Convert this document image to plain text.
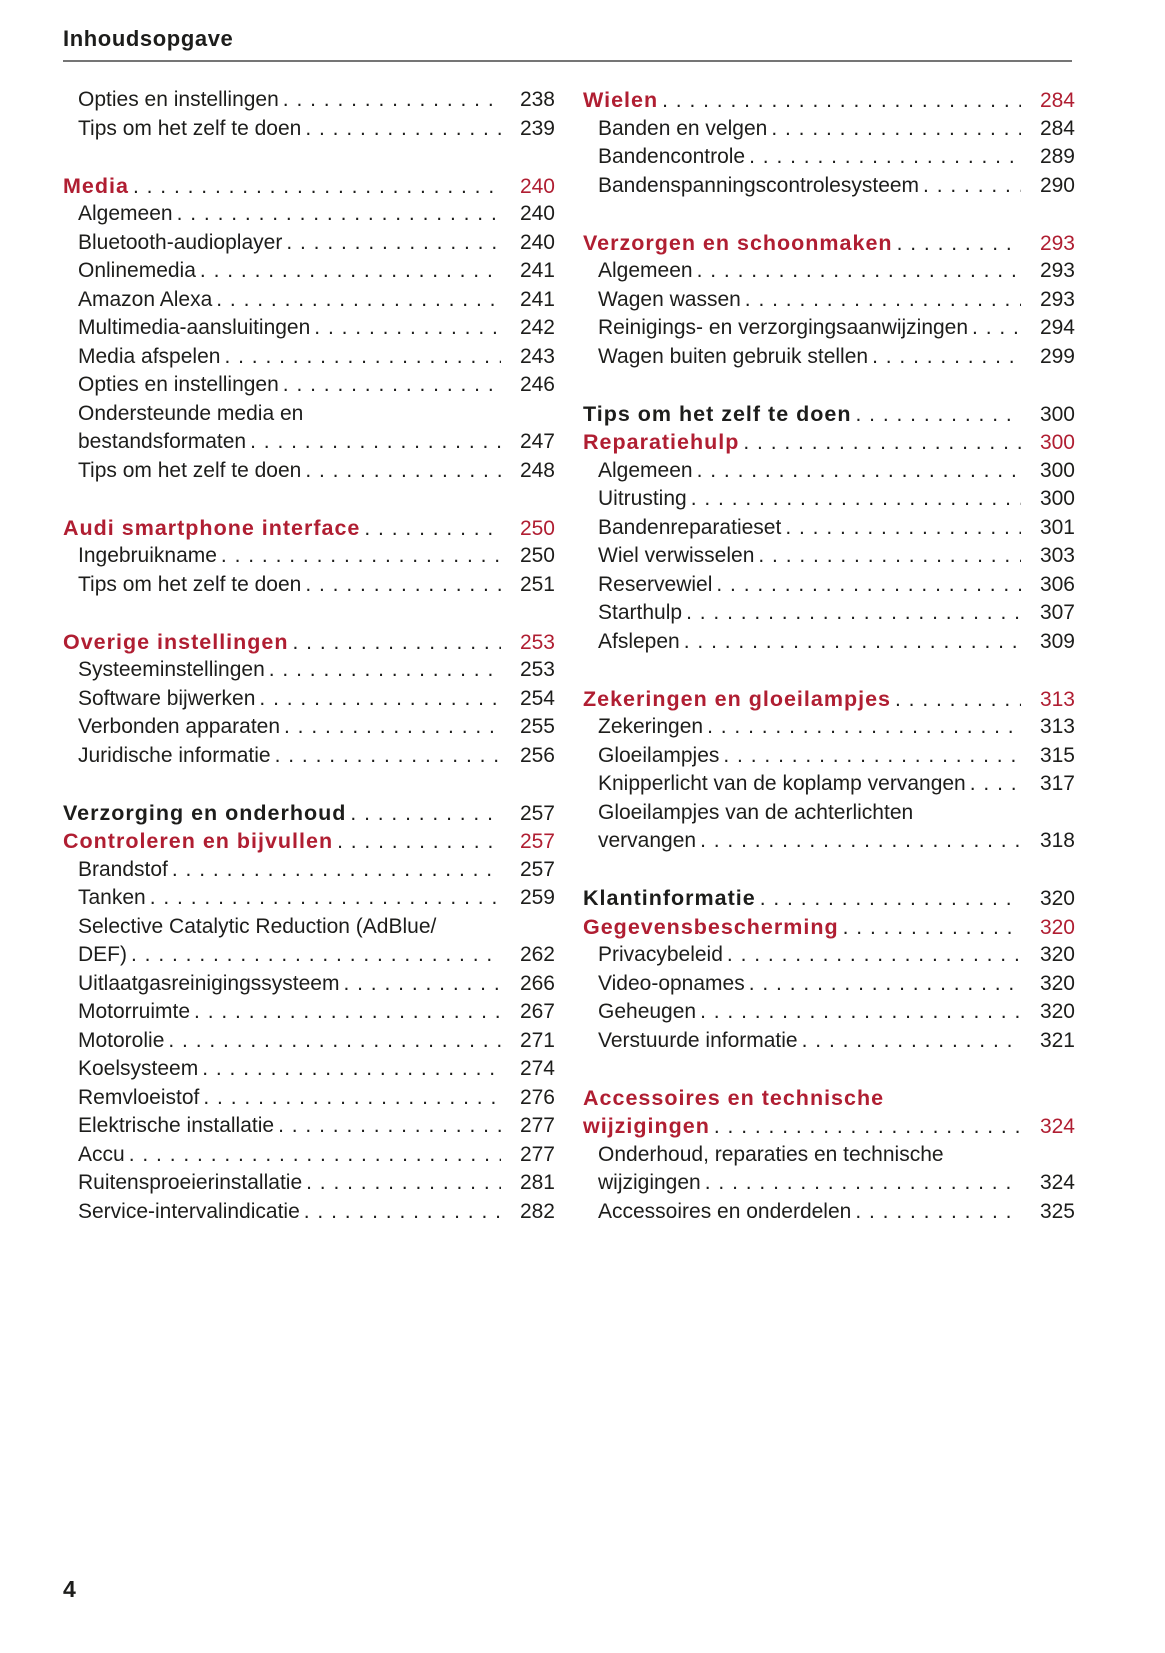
Inhoudsopgave
Opties en instellingen . . .	238
Tips om het zelf te doen . . .	239
Media . . .	240
Algemeen . . .	240
Bluetooth-audioplayer . . .	240
Onlinemedia . . .	241
Amazon Alexa . . .	241
Multimedia-aansluitingen . . .	242
Media afspelen . . .	243
Opties en instellingen . . .	246
Ondersteunde media en
bestandsformaten . . .	247
Tips om het zelf te doen . . .	248
Audi smartphone interface . . .	250
Ingebruikname . . .	250
Tips om het zelf te doen . . .	251
Overige instellingen . . .	253
Systeeminstellingen . . .	253
Software bijwerken . . .	254
Verbonden apparaten . . .	255
Juridische informatie . . .	256
Verzorging en onderhoud . . .	257
Controleren en bijvullen . . .	257
Brandstof . . .	257
Tanken . . .	259
Selective Catalytic Reduction (AdBlue/
DEF) . . .	262
Uitlaatgasreinigingssysteem . . .	266
Motorruimte . . .	267
Motorolie . . .	271
Koelsysteem . . .	274
Remvloeistof . . .	276
Elektrische installatie . . .	277
Accu . . .	277
Ruitensproeierinstallatie . . .	281
Service-intervalindicatie . . .	282
Wielen . . .	284
Banden en velgen . . .	284
Bandencontrole . . .	289
Bandenspanningscontrolesysteem . . .	290
Verzorgen en schoonmaken . . .	293
Algemeen . . .	293
Wagen wassen . . .	293
Reinigings- en verzorgingsaanwijzingen . . .	294
Wagen buiten gebruik stellen . . .	299
Tips om het zelf te doen . . .	300
Reparatiehulp . . .	300
Algemeen . . .	300
Uitrusting . . .	300
Bandenreparatieset . . .	301
Wiel verwisselen . . .	303
Reservewiel . . .	306
Starthulp . . .	307
Afslepen . . .	309
Zekeringen en gloeilampjes . . .	313
Zekeringen . . .	313
Gloeilampjes . . .	315
Knipperlicht van de koplamp vervangen . . .	317
Gloeilampjes van de achterlichten
vervangen . . .	318
Klantinformatie . . .	320
Gegevensbescherming . . .	320
Privacybeleid . . .	320
Video-opnames . . .	320
Geheugen . . .	320
Verstuurde informatie . . .	321
Accessoires en technische
wijzigingen . . .	324
Onderhoud, reparaties en technische
wijzigingen . . .	324
Accessoires en onderdelen . . .	325
4
